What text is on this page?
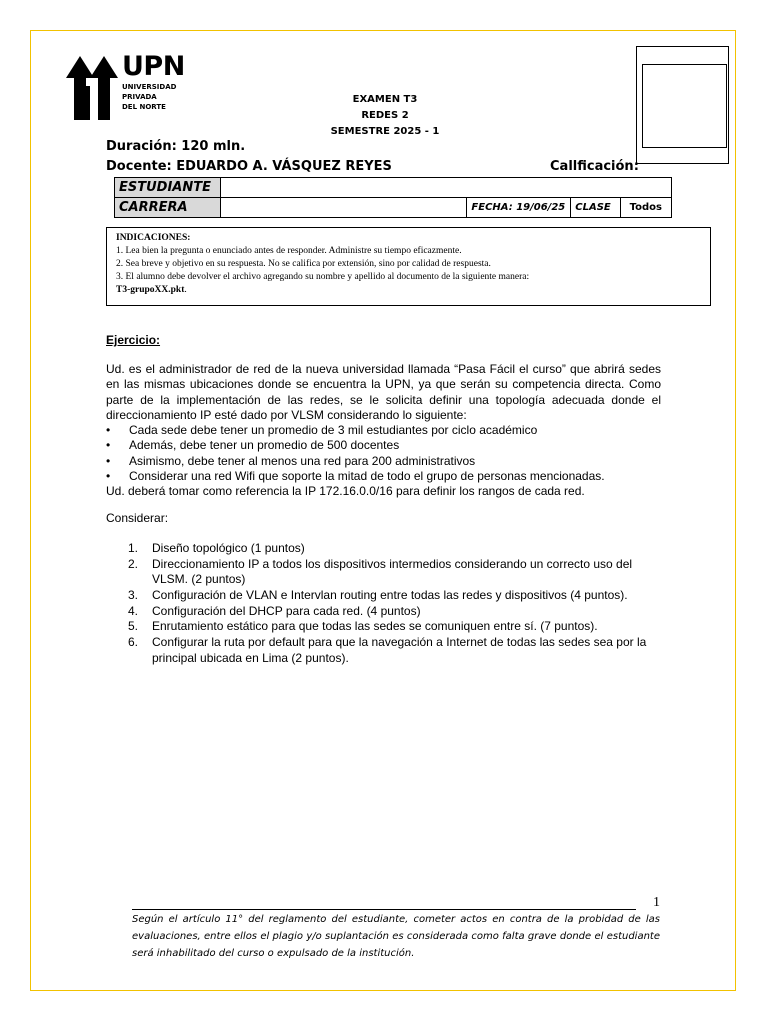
UPN
UNIVERSIDAD
PRIVADA
DEL NORTE
EXAMEN T3
REDES 2
SEMESTRE 2025 - 1
Duración: 120 mln.
Docente: EDUARDO A. VÁSQUEZ REYES	Callficación:
ESTUDIANTE				
CARRERA		FECHA: 19/06/25	CLASE	Todos
INDICACIONES:

1. Lea bien la pregunta o enunciado antes de responder. Administre su tiempo eficazmente.

2. Sea breve y objetivo en su respuesta. No se califica por extensión, sino por calidad de respuesta.

3. El alumno debe devolver el archivo agregando su nombre y apellido al documento de la siguiente manera:

T3-grupoXX.pkt.

Ejercicio:

Ud. es el administrador de red de la nueva universidad llamada “Pasa Fácil el curso” que abrirá sedes en las mismas ubicaciones donde se encuentra la UPN, ya que serán su competencia directa. Como parte de la implementación de las redes, se le solicita definir una topología adecuada donde el direccionamiento IP esté dado por VLSM considerando lo siguiente:

• Cada sede debe tener un promedio de 3 mil estudiantes por ciclo académico

• Además, debe tener un promedio de 500 docentes

• Asimismo, debe tener al menos una red para 200 administrativos

• Considerar una red Wifi que soporte la mitad de todo el grupo de personas mencionadas.

Ud. deberá tomar como referencia la IP 172.16.0.0/16 para definir los rangos de cada red.

Considerar:
1. Diseño topológico (1 puntos)
2. Direccionamiento IP a todos los dispositivos intermedios considerando un correcto uso del VLSM. (2 puntos)
3. Configuración de VLAN e Intervlan routing entre todas las redes y dispositivos (4 puntos).
4. Configuración del DHCP para cada red. (4 puntos)
5. Enrutamiento estático para que todas las sedes se comuniquen entre sí. (7 puntos).
6. Configurar la ruta por default para que la navegación a Internet de todas las sedes sea por la principal ubicada en Lima (2 puntos).
1
Según el artículo 11° del reglamento del estudiante, cometer actos en contra de la probidad de las evaluaciones, entre ellos el plagio y/o suplantación es considerada como falta grave donde el estudiante será inhabilitado del curso o expulsado de la institución.
